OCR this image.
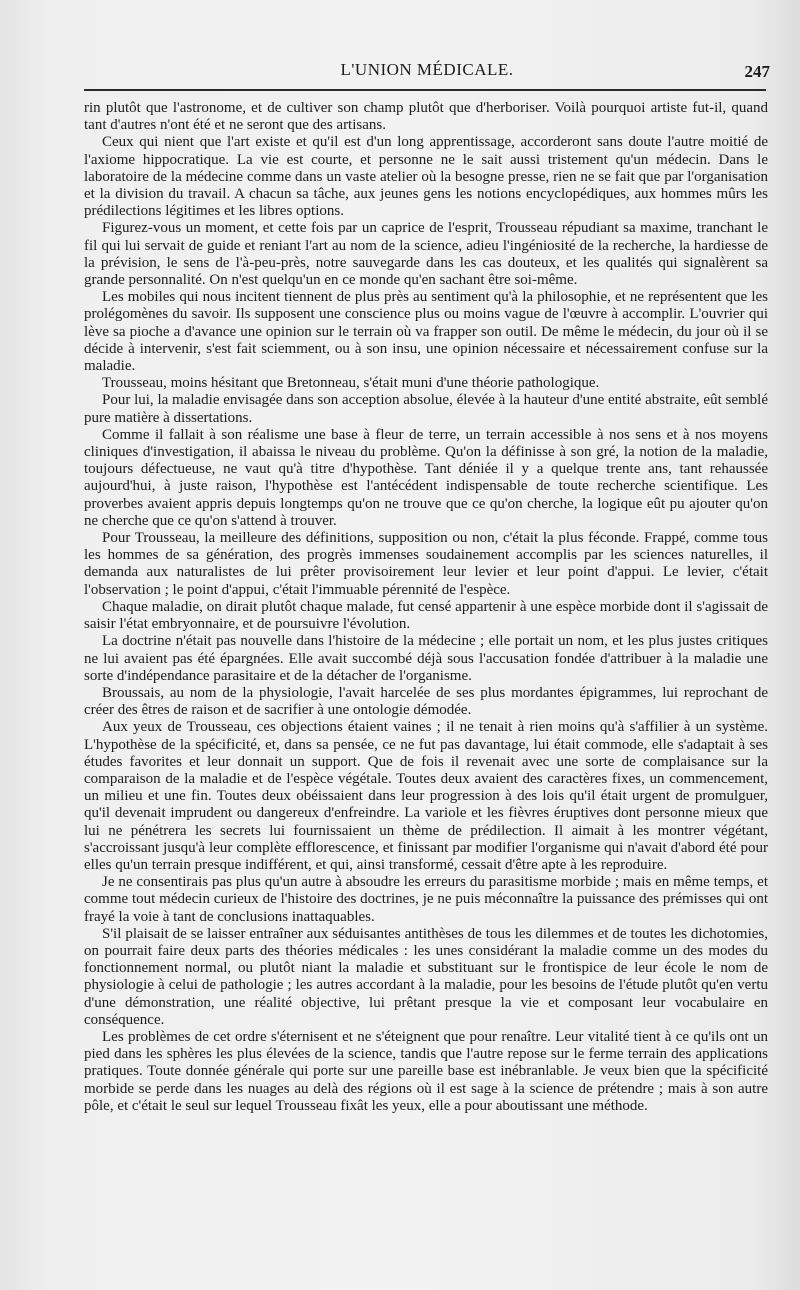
L'UNION MÉDICALE.	247

rin plutôt que l'astronome, et de cultiver son champ plutôt que d'herboriser. Voilà pourquoi artiste fut-il, quand tant d'autres n'ont été et ne seront que des artisans.

Ceux qui nient que l'art existe et qu'il est d'un long apprentissage, accorderont sans doute l'autre moitié de l'axiome hippocratique. La vie est courte, et personne ne le sait aussi tristement qu'un médecin. Dans le laboratoire de la médecine comme dans un vaste atelier où la besogne presse, rien ne se fait que par l'organisation et la division du travail. A chacun sa tâche, aux jeunes gens les notions encyclopédiques, aux hommes mûrs les prédilections légitimes et les libres options.

Figurez-vous un moment, et cette fois par un caprice de l'esprit, Trousseau répudiant sa maxime, tranchant le fil qui lui servait de guide et reniant l'art au nom de la science, adieu l'ingéniosité de la recherche, la hardiesse de la prévision, le sens de l'à-peu-près, notre sauvegarde dans les cas douteux, et les qualités qui signalèrent sa grande personnalité. On n'est quelqu'un en ce monde qu'en sachant être soi-même.

Les mobiles qui nous incitent tiennent de plus près au sentiment qu'à la philosophie, et ne représentent que les prolégomènes du savoir. Ils supposent une conscience plus ou moins vague de l'œuvre à accomplir. L'ouvrier qui lève sa pioche a d'avance une opinion sur le terrain où va frapper son outil. De même le médecin, du jour où il se décide à intervenir, s'est fait sciemment, ou à son insu, une opinion nécessaire et nécessairement confuse sur la maladie.

Trousseau, moins hésitant que Bretonneau, s'était muni d'une théorie pathologique.

Pour lui, la maladie envisagée dans son acception absolue, élevée à la hauteur d'une entité abstraite, eût semblé pure matière à dissertations.

Comme il fallait à son réalisme une base à fleur de terre, un terrain accessible à nos sens et à nos moyens cliniques d'investigation, il abaissa le niveau du problème. Qu'on la définisse à son gré, la notion de la maladie, toujours défectueuse, ne vaut qu'à titre d'hypothèse. Tant déniée il y a quelque trente ans, tant rehaussée aujourd'hui, à juste raison, l'hypothèse est l'antécédent indispensable de toute recherche scientifique. Les proverbes avaient appris depuis longtemps qu'on ne trouve que ce qu'on cherche, la logique eût pu ajouter qu'on ne cherche que ce qu'on s'attend à trouver.

Pour Trousseau, la meilleure des définitions, supposition ou non, c'était la plus féconde. Frappé, comme tous les hommes de sa génération, des progrès immenses soudainement accomplis par les sciences naturelles, il demanda aux naturalistes de lui prêter provisoirement leur levier et leur point d'appui. Le levier, c'était l'observation ; le point d'appui, c'était l'immuable pérennité de l'espèce.

Chaque maladie, on dirait plutôt chaque malade, fut censé appartenir à une espèce morbide dont il s'agissait de saisir l'état embryonnaire, et de poursuivre l'évolution.

La doctrine n'était pas nouvelle dans l'histoire de la médecine ; elle portait un nom, et les plus justes critiques ne lui avaient pas été épargnées. Elle avait succombé déjà sous l'accusation fondée d'attribuer à la maladie une sorte d'indépendance parasitaire et de la détacher de l'organisme.

Broussais, au nom de la physiologie, l'avait harcelée de ses plus mordantes épigrammes, lui reprochant de créer des êtres de raison et de sacrifier à une ontologie démodée.

Aux yeux de Trousseau, ces objections étaient vaines ; il ne tenait à rien moins qu'à s'affilier à un système. L'hypothèse de la spécificité, et, dans sa pensée, ce ne fut pas davantage, lui était commode, elle s'adaptait à ses études favorites et leur donnait un support. Que de fois il revenait avec une sorte de complaisance sur la comparaison de la maladie et de l'espèce végétale. Toutes deux avaient des caractères fixes, un commencement, un milieu et une fin. Toutes deux obéissaient dans leur progression à des lois qu'il était urgent de promulguer, qu'il devenait imprudent ou dangereux d'enfreindre. La variole et les fièvres éruptives dont personne mieux que lui ne pénétrera les secrets lui fournissaient un thème de prédilection. Il aimait à les montrer végétant, s'accroissant jusqu'à leur complète efflorescence, et finissant par modifier l'organisme qui n'avait d'abord été pour elles qu'un terrain presque indifférent, et qui, ainsi transformé, cessait d'être apte à les reproduire.

Je ne consentirais pas plus qu'un autre à absoudre les erreurs du parasitisme morbide ; mais en même temps, et comme tout médecin curieux de l'histoire des doctrines, je ne puis méconnaître la puissance des prémisses qui ont frayé la voie à tant de conclusions inattaquables.

S'il plaisait de se laisser entraîner aux séduisantes antithèses de tous les dilemmes et de toutes les dichotomies, on pourrait faire deux parts des théories médicales : les unes considérant la maladie comme un des modes du fonctionnement normal, ou plutôt niant la maladie et substituant sur le frontispice de leur école le nom de physiologie à celui de pathologie ; les autres accordant à la maladie, pour les besoins de l'étude plutôt qu'en vertu d'une démonstration, une réalité objective, lui prêtant presque la vie et composant leur vocabulaire en conséquence.

Les problèmes de cet ordre s'éternisent et ne s'éteignent que pour renaître. Leur vitalité tient à ce qu'ils ont un pied dans les sphères les plus élevées de la science, tandis que l'autre repose sur le ferme terrain des applications pratiques. Toute donnée générale qui porte sur une pareille base est inébranlable. Je veux bien que la spécificité morbide se perde dans les nuages au delà des régions où il est sage à la science de prétendre ; mais à son autre pôle, et c'était le seul sur lequel Trousseau fixât les yeux, elle a pour aboutissant une méthode.
